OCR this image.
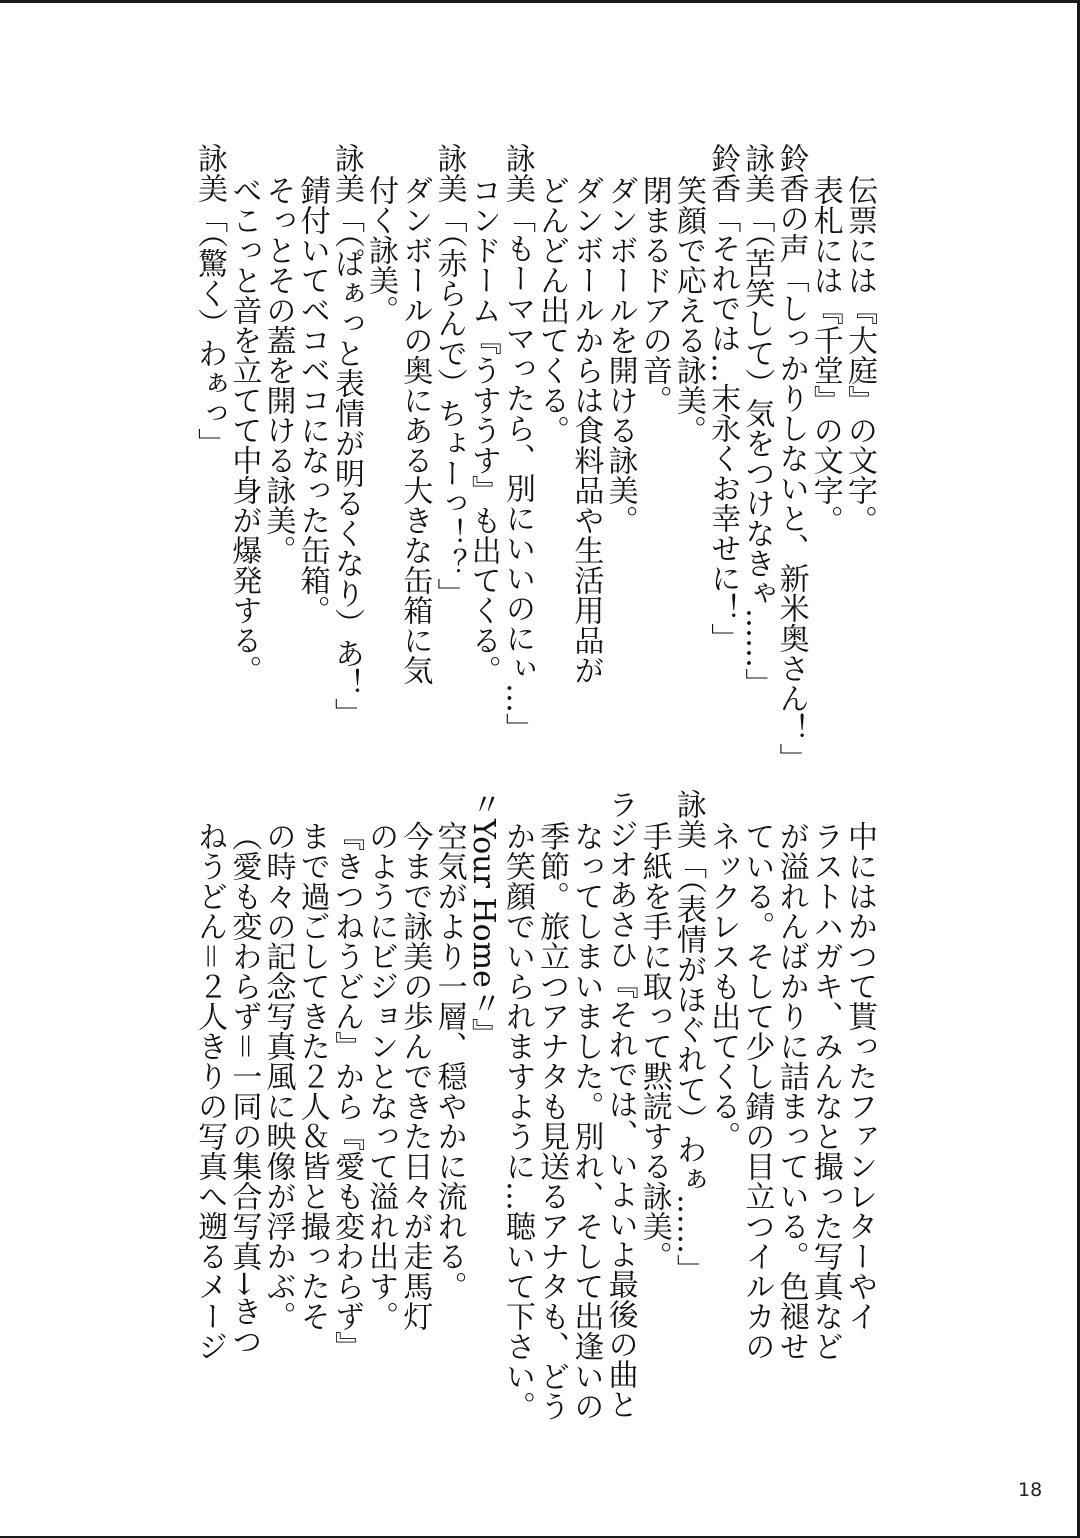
伝票には『大庭』の文字。
表札には『千堂』の文字。
鈴香の声「しっかりしないと、新米奥さん！」
詠美「（苦笑して）気をつけなきゃ……」
鈴香「それでは…末永くお幸せに！」
笑顔で応える詠美。
閉まるドアの音。
ダンボールを開ける詠美。
ダンボールからは食料品や生活用品が
どんどん出てくる。
詠美「もーママったら、別にいいのにぃ…」
コンドーム『うすうす』も出てくる。
詠美「（赤らんで）ちょーっ！？」
ダンボールの奥にある大きな缶箱に気
付く詠美。
詠美「（ぱぁっと表情が明るくなり）あ！」
錆付いてベコベコになった缶箱。
そっとその蓋を開ける詠美。
べこっと音を立てて中身が爆発する。
詠美「（驚く）わぁっ」
中にはかつて貰ったファンレターやイ
ラストハガキ、みんなと撮った写真など
が溢れんばかりに詰まっている。色褪せ
ている。そして少し錆の目立つイルカの
ネックレスも出てくる。
詠美「（表情がほぐれて）わぁ……」
手紙を手に取って黙読する詠美。
ラジオあさひ『それでは、いよいよ最後の曲と
なってしまいました。別れ、そして出逢いの
季節。旅立つアナタも見送るアナタも、どう
か笑顔でいられますように…聴いて下さい。
〃Your Home〃』
空気がより一層、穏やかに流れる。
今まで詠美の歩んできた日々が走馬灯
のようにビジョンとなって溢れ出す。
『きつねうどん』から『愛も変わらず』
まで過ごしてきた２人＆皆と撮ったそ
の時々の記念写真風に映像が浮かぶ。
（愛も変わらず＝一同の集合写真→きつ
ねうどん＝２人きりの写真へ遡るメージ
18
